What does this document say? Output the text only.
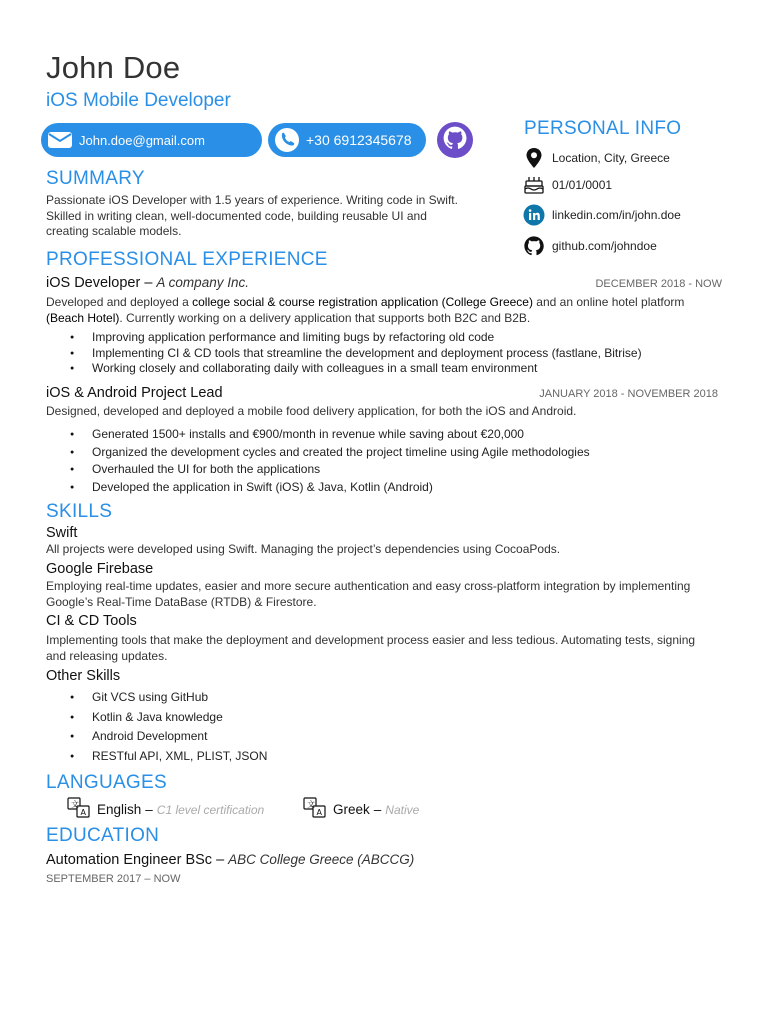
John Doe
iOS Mobile Developer
John.doe@gmail.com	+30 6912345678
PERSONAL INFO
Location, City, Greece
01/01/0001
linkedin.com/in/john.doe
github.com/johndoe
SUMMARY
Passionate iOS Developer with 1.5 years of experience. Writing code in Swift. Skilled in writing clean, well-documented code, building reusable UI and creating scalable models.
PROFESSIONAL EXPERIENCE
iOS Developer – A company Inc.	DECEMBER 2018 - NOW
Developed and deployed a college social & course registration application (College Greece) and an online hotel platform (Beach Hotel). Currently working on a delivery application that supports both B2C and B2B.
● Improving application performance and limiting bugs by refactoring old code
● Implementing CI & CD tools that streamline the development and deployment process (fastlane, Bitrise)
● Working closely and collaborating daily with colleagues in a small team environment
iOS & Android Project Lead	JANUARY 2018 - NOVEMBER 2018
Designed, developed and deployed a mobile food delivery application, for both the iOS and Android.
● Generated 1500+ installs and €900/month in revenue while saving about €20,000
● Organized the development cycles and created the project timeline using Agile methodologies
● Overhauled the UI for both the applications
● Developed the application in Swift (iOS) & Java, Kotlin (Android)
SKILLS
Swift
All projects were developed using Swift. Managing the project’s dependencies using CocoaPods.
Google Firebase
Employing real-time updates, easier and more secure authentication and easy cross-platform integration by implementing Google’s Real-Time DataBase (RTDB) & Firestore.
CI & CD Tools
Implementing tools that make the deployment and development process easier and less tedious. Automating tests, signing and releasing updates.
Other Skills
● Git VCS using GitHub
● Kotlin & Java knowledge
● Android Development
● RESTful API, XML, PLIST, JSON
LANGUAGES
文
A English – C1 level certification	文
A Greek – Native
EDUCATION
Automation Engineer BSc – ABC College Greece (ABCCG)
SEPTEMBER 2017 – NOW
